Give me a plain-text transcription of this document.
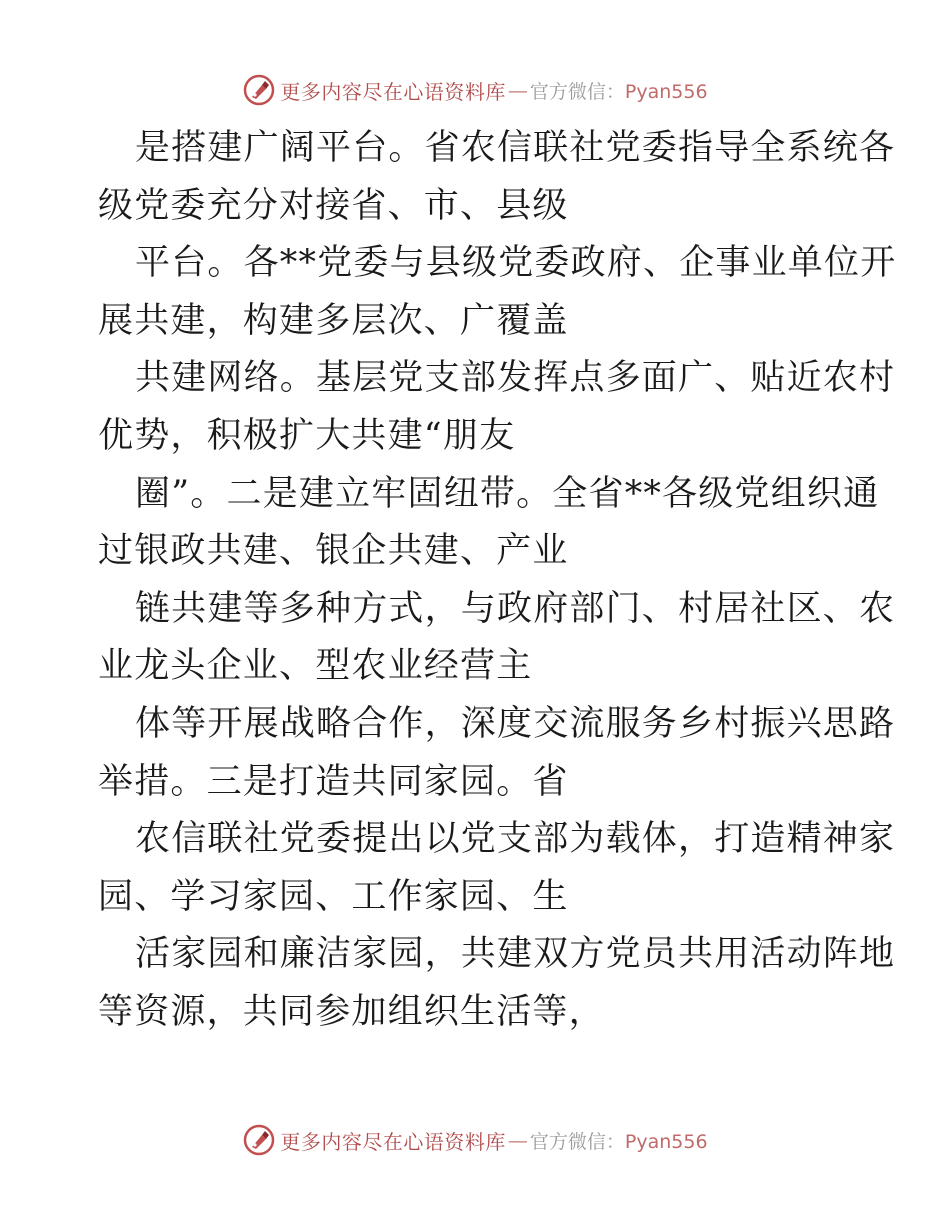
更多内容尽在心语资料库 — 官方微信：Pyan556
是搭建广阔平台。省农信联社党委指导全系统各
级党委充分对接省、市、县级
平台。各**党委与县级党委政府、企事业单位开
展共建，构建多层次、广覆盖
共建网络。基层党支部发挥点多面广、贴近农村
优势，积极扩大共建“朋友
圈”。二是建立牢固纽带。全省**各级党组织通
过银政共建、银企共建、产业
链共建等多种方式，与政府部门、村居社区、农
业龙头企业、型农业经营主
体等开展战略合作，深度交流服务乡村振兴思路
举措。三是打造共同家园。省
农信联社党委提出以党支部为载体，打造精神家
园、学习家园、工作家园、生
活家园和廉洁家园，共建双方党员共用活动阵地
等资源，共同参加组织生活等，
更多内容尽在心语资料库 — 官方微信：Pyan556
